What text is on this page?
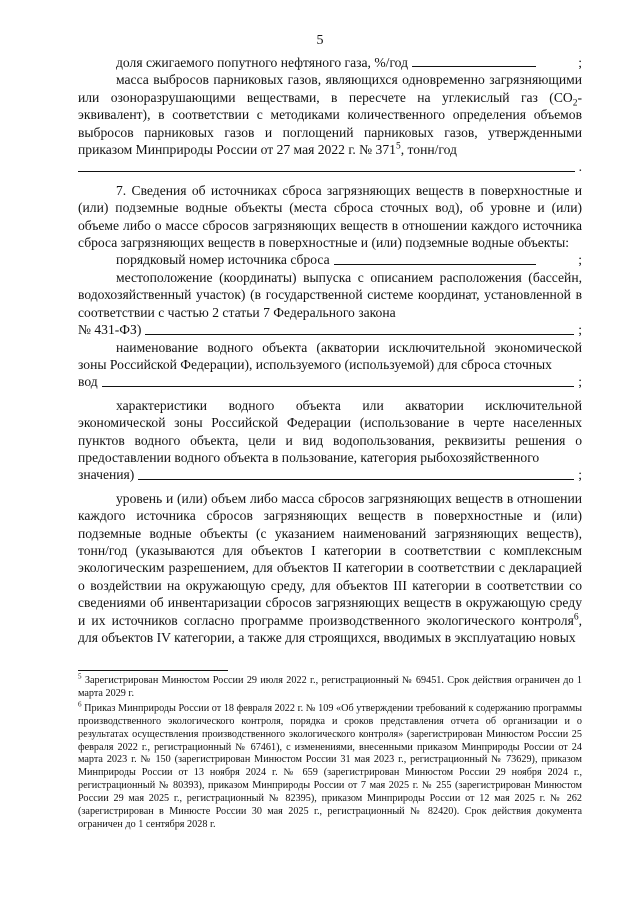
5

доля сжигаемого попутного нефтяного газа, %/год	;

масса выбросов парниковых газов, являющихся одновременно загрязняющими или озоноразрушающими веществами, в пересчете на углекислый газ $(CO_2-эквивалент)$, в соответствии с методиками количественного определения объемов выбросов парниковых газов и поглощений парниковых газов, утвержденными приказом Минприроды России от 27 мая 2022 г. № $371^5$, тонн/год

.

7. Сведения об источниках сброса загрязняющих веществ в поверхностные и (или) подземные водные объекты (места сброса сточных вод), об уровне и (или) объеме либо о массе сбросов загрязняющих веществ в отношении каждого источника сброса загрязняющих веществ в поверхностные и (или) подземные водные объекты:

порядковый номер источника сброса	;

местоположение (координаты) выпуска с описанием расположения (бассейн, водохозяйственный участок) (в государственной системе координат, установленной в соответствии с частью 2 статьи 7 Федерального закона

№ 431-ФЗ)	;

наименование водного объекта (акватории исключительной экономической зоны Российской Федерации), используемого (используемой) для сброса сточных

вод	;

характеристики водного объекта или акватории исключительной экономической зоны Российской Федерации (использование в черте населенных пунктов водного объекта, цели и вид водопользования, реквизиты решения о предоставлении водного объекта в пользование, категория рыбохозяйственного

значения)	;

уровень и (или) объем либо масса сбросов загрязняющих веществ в отношении каждого источника сбросов загрязняющих веществ в поверхностные и (или) подземные водные объекты (с указанием наименований загрязняющих веществ), тонн/год (указываются для объектов I категории в соответствии с комплексным экологическим разрешением, для объектов II категории в соответствии с декларацией о воздействии на окружающую среду, для объектов III категории в соответствии со сведениями об инвентаризации сбросов загрязняющих веществ в окружающую среду и их источников согласно программе производственного экологического контроля$^6$, для объектов IV категории, а также для строящихся, вводимых в эксплуатацию новых

$^5$ Зарегистрирован Минюстом России 29 июля 2022 г., регистрационный № 69451. Срок действия ограничен до 1 марта 2029 г.

$^6$ Приказ Минприроды России от 18 февраля 2022 г. № 109 «Об утверждении требований к содержанию программы производственного экологического контроля, порядка и сроков представления отчета об организации и о результатах осуществления производственного экологического контроля» (зарегистрирован Минюстом России 25 февраля 2022 г., регистрационный № 67461), с изменениями, внесенными приказом Минприроды России от 24 марта 2023 г. № 150 (зарегистрирован Минюстом России 31 мая 2023 г., регистрационный № 73629), приказом Минприроды России от 13 ноября 2024 г. № 659 (зарегистрирован Минюстом России 29 ноября 2024 г., регистрационный № 80393), приказом Минприроды России от 7 мая 2025 г. № 255 (зарегистрирован Минюстом России 29 мая 2025 г., регистрационный № 82395), приказом Минприроды России от 12 мая 2025 г. № 262 (зарегистрирован в Минюсте России 30 мая 2025 г., регистрационный № 82420). Срок действия документа ограничен до 1 сентября 2028 г.
